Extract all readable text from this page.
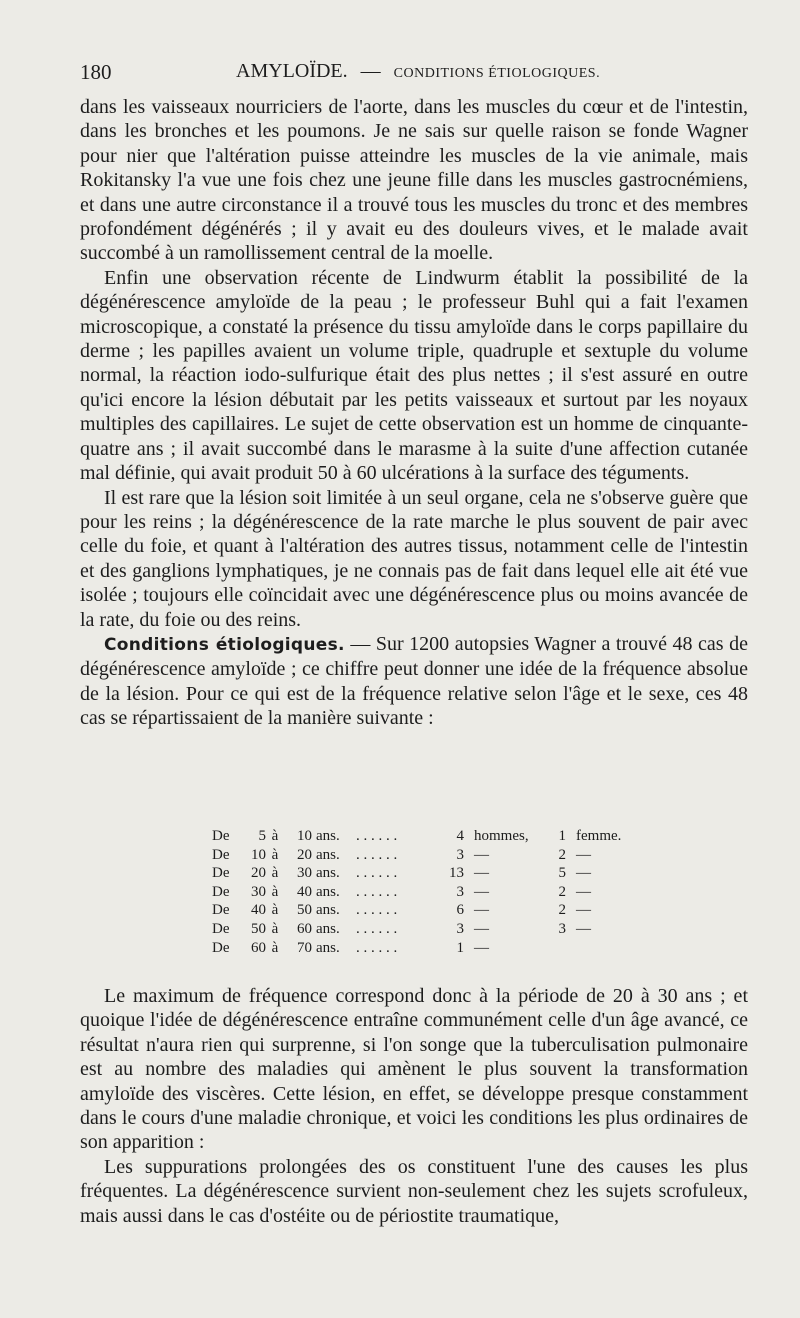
180	AMYLOÏDE. — CONDITIONS ÉTIOLOGIQUES.

dans les vaisseaux nourriciers de l'aorte, dans les muscles du cœur et de l'intestin, dans les bronches et les poumons. Je ne sais sur quelle raison se fonde Wagner pour nier que l'altération puisse atteindre les muscles de la vie animale, mais Rokitansky l'a vue une fois chez une jeune fille dans les muscles gastrocnémiens, et dans une autre circonstance il a trouvé tous les muscles du tronc et des membres profondément dégénérés ; il y avait eu des douleurs vives, et le malade avait succombé à un ramollissement central de la moelle.

Enfin une observation récente de Lindwurm établit la possibilité de la dégénérescence amyloïde de la peau ; le professeur Buhl qui a fait l'examen microscopique, a constaté la présence du tissu amyloïde dans le corps papillaire du derme ; les papilles avaient un volume triple, quadruple et sextuple du volume normal, la réaction iodo-sulfurique était des plus nettes ; il s'est assuré en outre qu'ici encore la lésion débutait par les petits vaisseaux et surtout par les noyaux multiples des capillaires. Le sujet de cette observation est un homme de cinquante-quatre ans ; il avait succombé dans le marasme à la suite d'une affection cutanée mal définie, qui avait produit 50 à 60 ulcérations à la surface des téguments.

Il est rare que la lésion soit limitée à un seul organe, cela ne s'observe guère que pour les reins ; la dégénérescence de la rate marche le plus souvent de pair avec celle du foie, et quant à l'altération des autres tissus, notamment celle de l'intestin et des ganglions lymphatiques, je ne connais pas de fait dans lequel elle ait été vue isolée ; toujours elle coïncidait avec une dégénérescence plus ou moins avancée de la rate, du foie ou des reins.

Conditions étiologiques. — Sur 1200 autopsies Wagner a trouvé 48 cas de dégénérescence amyloïde ; ce chiffre peut donner une idée de la fréquence absolue de la lésion. Pour ce qui est de la fréquence relative selon l'âge et le sexe, ces 48 cas se répartissaient de la manière suivante :

De	5	à	10	ans.	. . . . . .	4	hommes,	1	femme.
De	10	à	20	ans.	. . . . . .	3	—	2	—
De	20	à	30	ans.	. . . . . .	13	—	5	—
De	30	à	40	ans.	. . . . . .	3	—	2	—
De	40	à	50	ans.	. . . . . .	6	—	2	—
De	50	à	60	ans.	. . . . . .	3	—	3	—
De	60	à	70	ans.	. . . . . .	1	—		

Le maximum de fréquence correspond donc à la période de 20 à 30 ans ; et quoique l'idée de dégénérescence entraîne communément celle d'un âge avancé, ce résultat n'aura rien qui surprenne, si l'on songe que la tuberculisation pulmonaire est au nombre des maladies qui amènent le plus souvent la transformation amyloïde des viscères. Cette lésion, en effet, se développe presque constamment dans le cours d'une maladie chronique, et voici les conditions les plus ordinaires de son apparition :

Les suppurations prolongées des os constituent l'une des causes les plus fréquentes. La dégénérescence survient non-seulement chez les sujets scrofuleux, mais aussi dans le cas d'ostéite ou de périostite traumatique,
